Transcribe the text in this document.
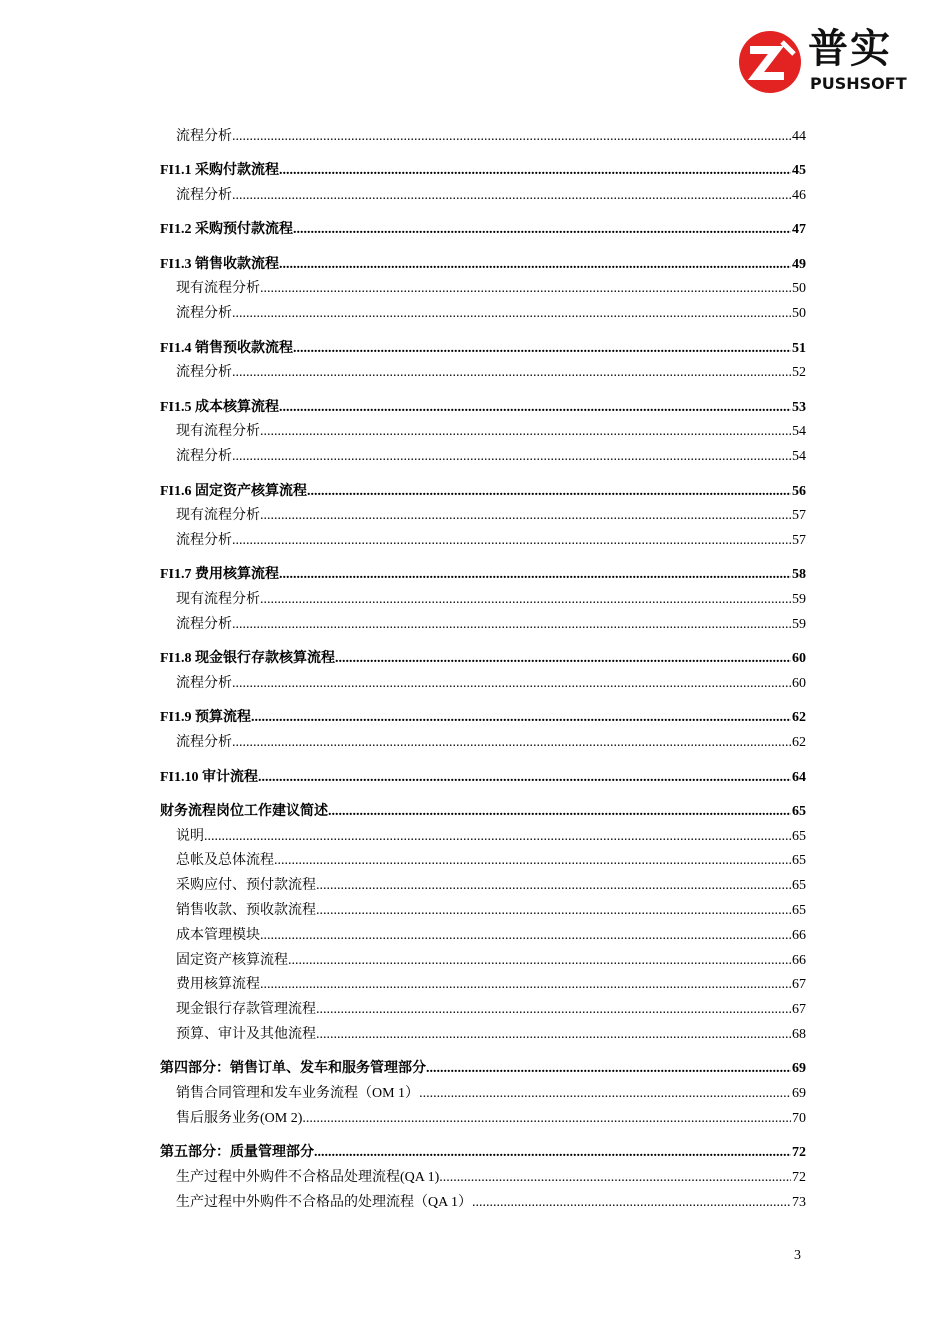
普实
PUSHSOFT
流程分析 .....	44
FI1.1 采购付款流程 .....	45
流程分析 .....	46
FI1.2 采购预付款流程 .....	47
FI1.3 销售收款流程 .....	49
现有流程分析 .....	50
流程分析 .....	50
FI1.4 销售预收款流程 .....	51
流程分析 .....	52
FI1.5 成本核算流程 .....	53
现有流程分析 .....	54
流程分析 .....	54
FI1.6 固定资产核算流程 .....	56
现有流程分析 .....	57
流程分析 .....	57
FI1.7 费用核算流程 .....	58
现有流程分析 .....	59
流程分析 .....	59
FI1.8 现金银行存款核算流程 .....	60
流程分析 .....	60
FI1.9 预算流程 .....	62
流程分析 .....	62
FI1.10 审计流程 .....	64
财务流程岗位工作建议简述 .....	65
说明 .....	65
总帐及总体流程 .....	65
采购应付、预付款流程 .....	65
销售收款、预收款流程 .....	65
成本管理模块 .....	66
固定资产核算流程 .....	66
费用核算流程 .....	67
现金银行存款管理流程 .....	67
预算、审计及其他流程 .....	68
第四部分：销售订单、发车和服务管理部分 .....	69
销售合同管理和发车业务流程（OM 1） .....	69
售后服务业务(OM 2) .....	70
第五部分：质量管理部分 .....	72
生产过程中外购件不合格品处理流程(QA 1) .....	72
生产过程中外购件不合格品的处理流程（QA 1） .....	73
3
